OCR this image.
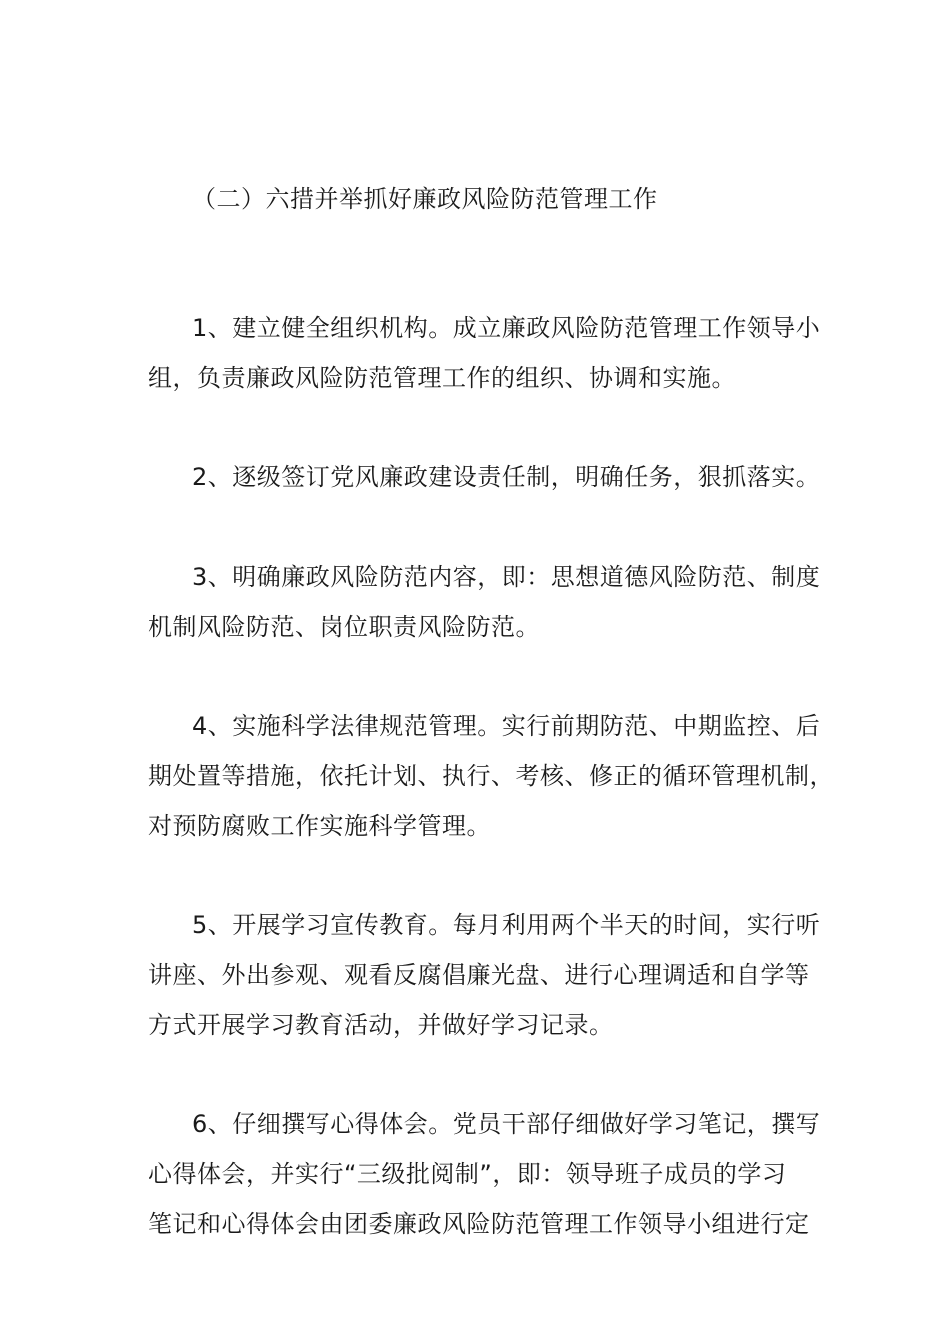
（二）六措并举抓好廉政风险防范管理工作
1、建立健全组织机构。成立廉政风险防范管理工作领导小
组，负责廉政风险防范管理工作的组织、协调和实施。
2、逐级签订党风廉政建设责任制，明确任务，狠抓落实。
3、明确廉政风险防范内容，即：思想道德风险防范、制度
机制风险防范、岗位职责风险防范。
4、实施科学法律规范管理。实行前期防范、中期监控、后
期处置等措施，依托计划、执行、考核、修正的循环管理机制，
对预防腐败工作实施科学管理。
5、开展学习宣传教育。每月利用两个半天的时间，实行听
讲座、外出参观、观看反腐倡廉光盘、进行心理调适和自学等
方式开展学习教育活动，并做好学习记录。
6、仔细撰写心得体会。党员干部仔细做好学习笔记，撰写
心得体会，并实行“三级批阅制”，即：领导班子成员的学习
笔记和心得体会由团委廉政风险防范管理工作领导小组进行定
